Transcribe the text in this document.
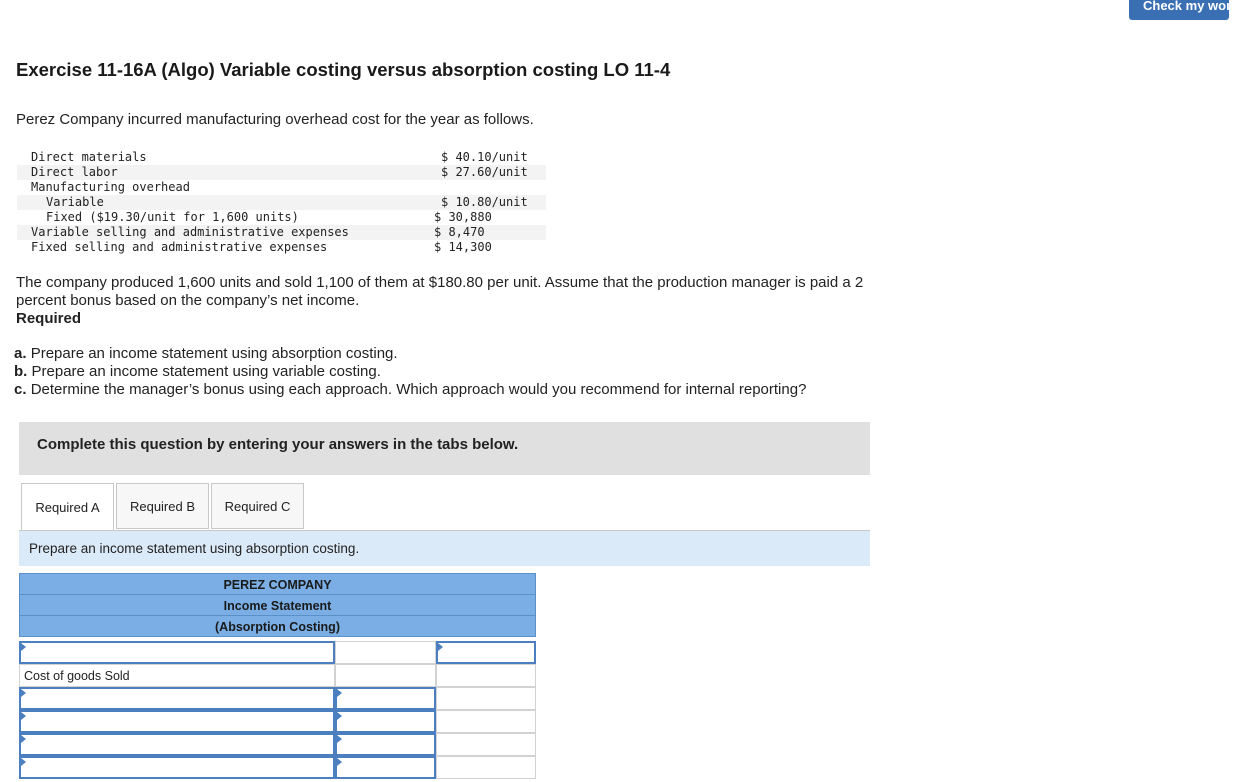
Check my work
Exercise 11-16A (Algo) Variable costing versus absorption costing LO 11-4
Perez Company incurred manufacturing overhead cost for the year as follows.
Direct materials	$ 40.10/unit
Direct labor	$ 27.60/unit
Manufacturing overhead
Variable	$ 10.80/unit
Fixed ($19.30/unit for 1,600 units)	$ 30,880
Variable selling and administrative expenses	$ 8,470
Fixed selling and administrative expenses	$ 14,300
The company produced 1,600 units and sold 1,100 of them at $180.80 per unit. Assume that the production manager is paid a 2 percent bonus based on the company’s net income.
Required
a. Prepare an income statement using absorption costing.
b. Prepare an income statement using variable costing.
c. Determine the manager’s bonus using each approach. Which approach would you recommend for internal reporting?
Complete this question by entering your answers in the tabs below.
Required A	Required B	Required C
Prepare an income statement using absorption costing.
PEREZ COMPANY
Income Statement
(Absorption Costing)
Cost of goods Sold
